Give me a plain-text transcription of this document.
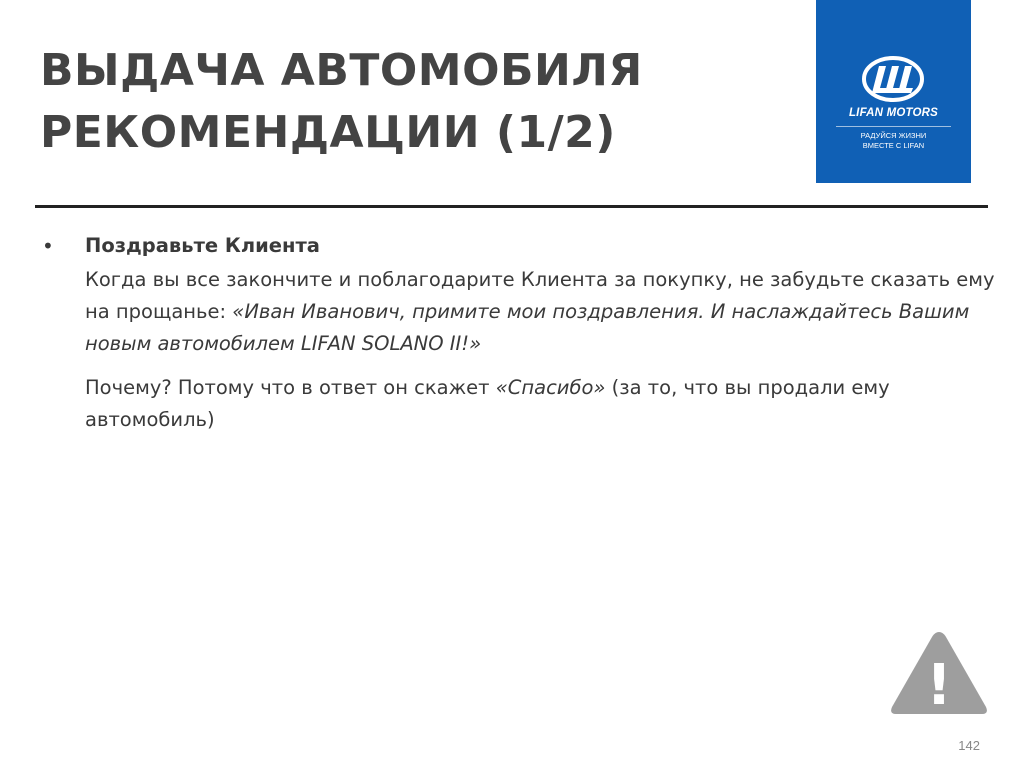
ВЫДАЧА АВТОМОБИЛЯ
РЕКОМЕНДАЦИИ (1/2)	LIFAN MOTORS
РАДУЙСЯ ЖИЗНИ
ВМЕСТЕ С LIFAN
• Поздравьте Клиента

Когда вы все закончите и поблагодарите Клиента за покупку, не забудьте сказать ему на прощанье: «Иван Иванович, примите мои поздравления. И наслаждайтесь Вашим новым автомобилем LIFAN SOLANO II!»

Почему? Потому что в ответ он скажет «Спасибо» (за то, что вы продали ему автомобиль)

!
142
